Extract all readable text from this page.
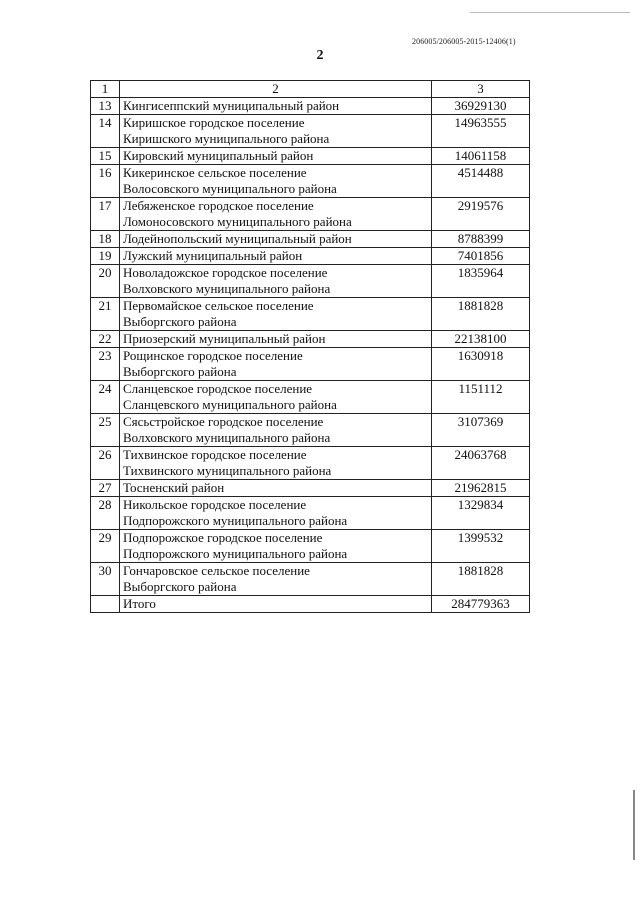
206005/206005-2015-12406(1)
2
1	2	3
13	Кингисеппский муниципальный район	36929130
14	Киришское городское поселение
Киришского муниципального района	14963555
15	Кировский муниципальный район	14061158
16	Кикеринское сельское поселение
Волосовского муниципального района	4514488
17	Лебяженское городское поселение
Ломоносовского муниципального района	2919576
18	Лодейнопольский муниципальный район	8788399
19	Лужский муниципальный район	7401856
20	Новоладожское городское поселение
Волховского муниципального района	1835964
21	Первомайское сельское поселение
Выборгского района	1881828
22	Приозерский муниципальный район	22138100
23	Рощинское городское поселение
Выборгского района	1630918
24	Сланцевское городское поселение
Сланцевского муниципального района	1151112
25	Сясьстройское городское поселение
Волховского муниципального района	3107369
26	Тихвинское городское поселение
Тихвинского муниципального района	24063768
27	Тосненский район	21962815
28	Никольское городское поселение
Подпорожского муниципального района	1329834
29	Подпорожское городское поселение
Подпорожского муниципального района	1399532
30	Гончаровское сельское поселение
Выборгского района	1881828
	Итого	284779363
